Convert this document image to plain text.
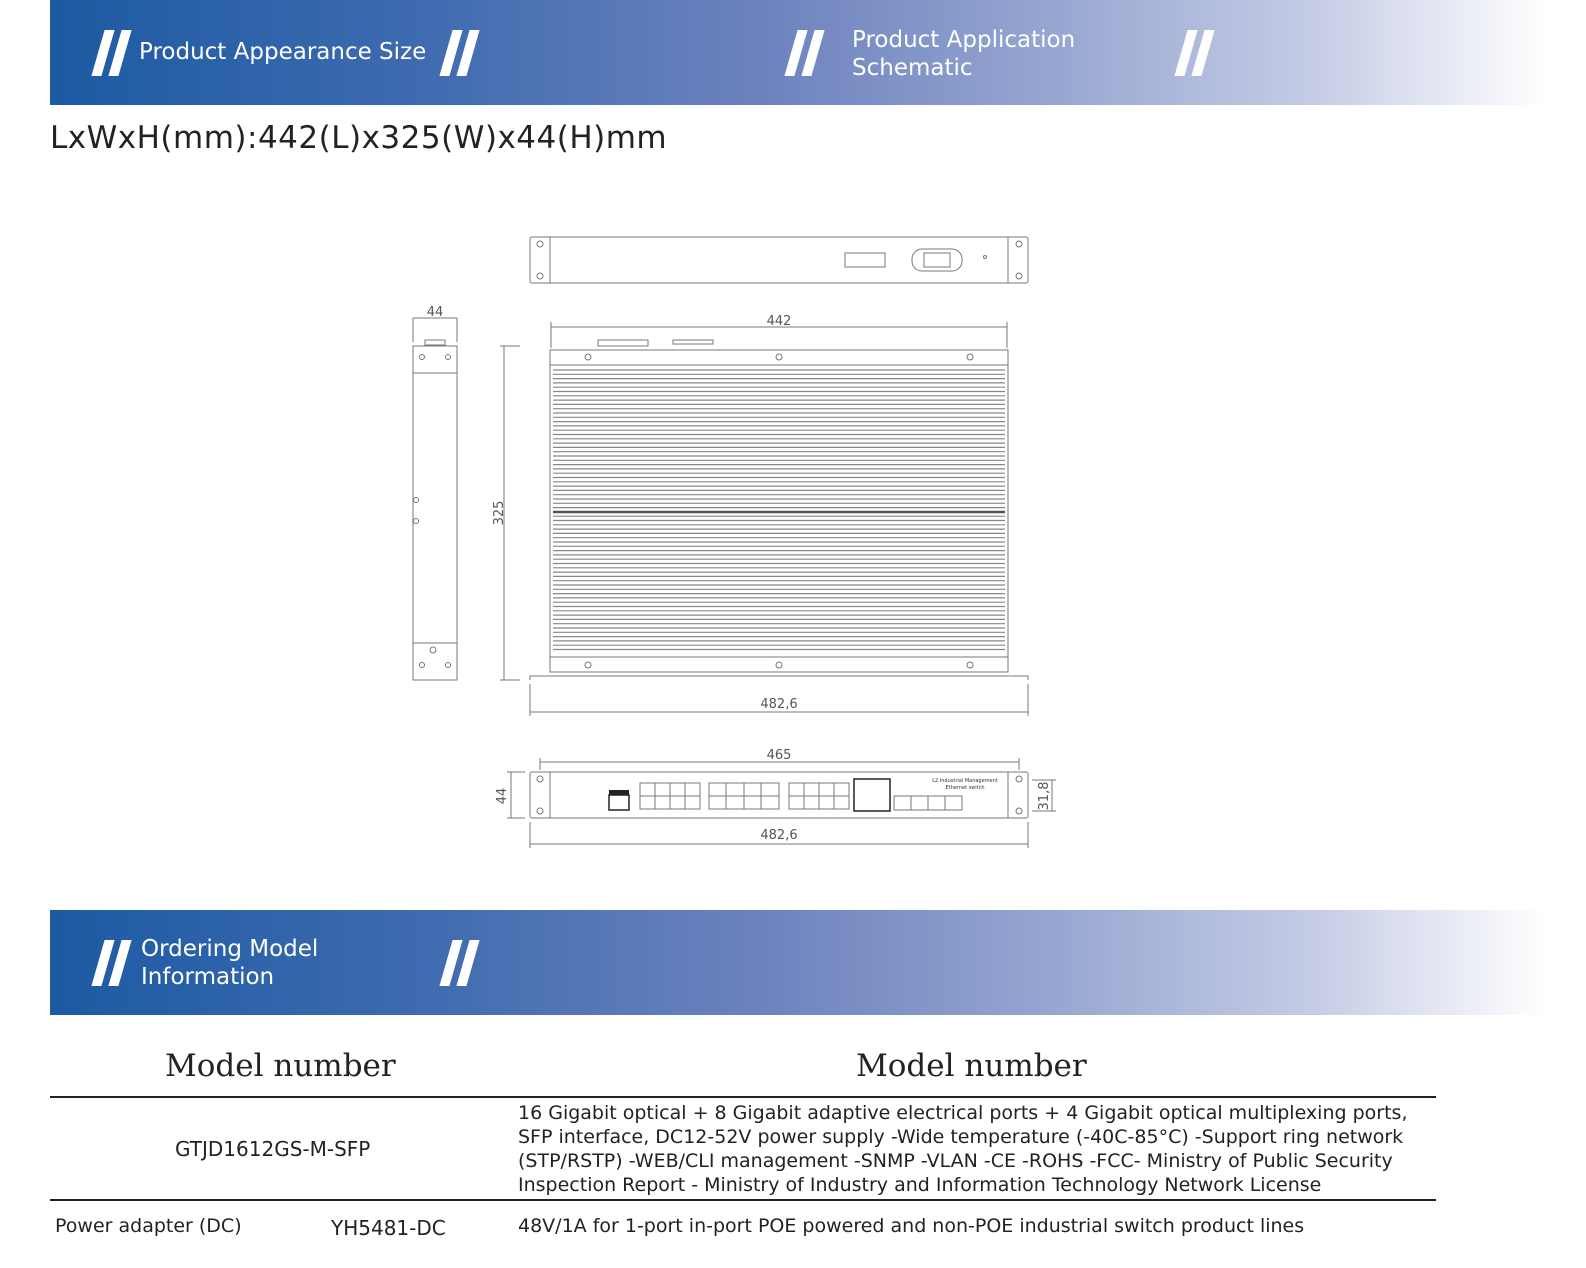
Product Appearance Size	Product Application
Schematic
LxWxH(mm):442(L)x325(W)x44(H)mm
44
442
482,6
465
482,6
325
44	31,8
L2 Industrial Management
Ethernet switch
Ordering Model
Information
Model number	Model number
GTJD1612GS-M-SFP
16 Gigabit optical + 8 Gigabit adaptive electrical ports + 4 Gigabit optical multiplexing ports,
SFP interface, DC12-52V power supply -Wide temperature (-40C-85°C) -Support ring network
(STP/RSTP) -WEB/CLI management -SNMP -VLAN -CE -ROHS -FCC- Ministry of Public Security
Inspection Report - Ministry of Industry and Information Technology Network License
Power adapter (DC)	YH5481-DC	48V/1A for 1-port in-port POE powered and non-POE industrial switch product lines
